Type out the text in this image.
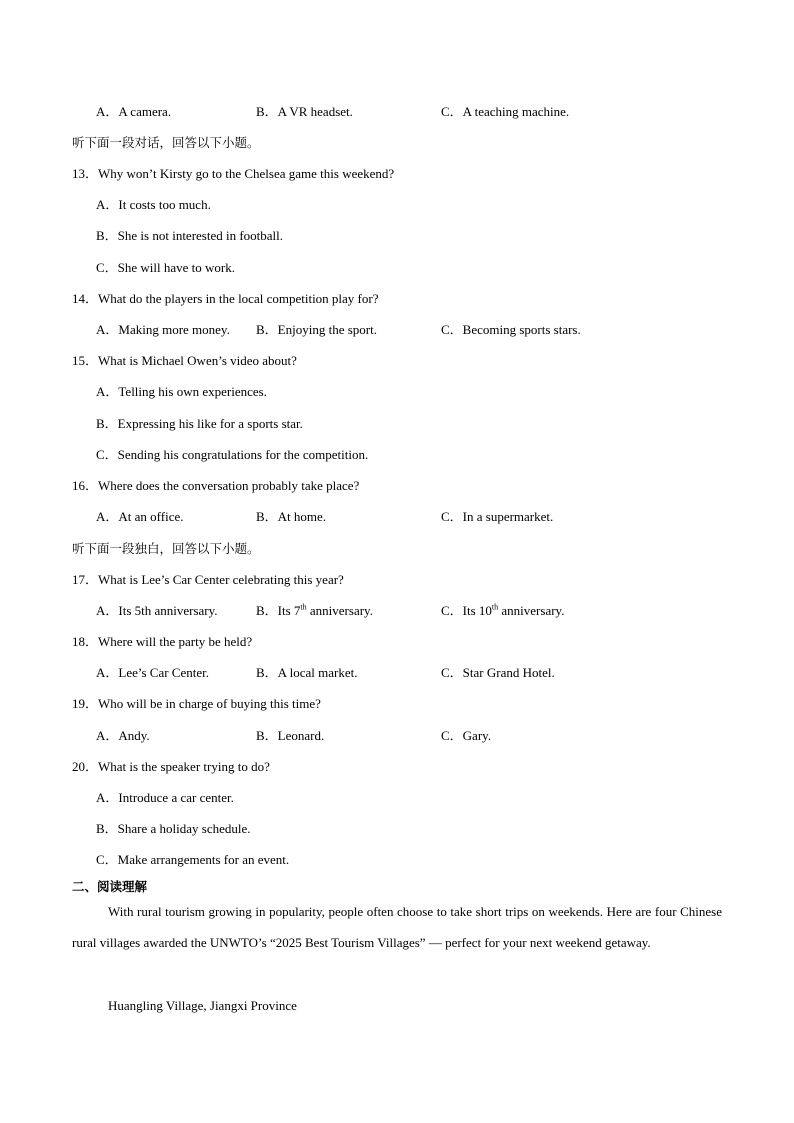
A．A camera.	B．A VR headset.	C．A teaching machine.
听下面一段对话，回答以下小题。
13．Why won’t Kirsty go to the Chelsea game this weekend?
A．It costs too much.
B．She is not interested in football.
C．She will have to work.
14．What do the players in the local competition play for?
A．Making more money. B．Enjoying the sport.	C．Becoming sports stars.
15．What is Michael Owen’s video about?
A．Telling his own experiences.
B．Expressing his like for a sports star.
C．Sending his congratulations for the competition.
16．Where does the conversation probably take place?
A．At an office.	B．At home.	C．In a supermarket.
听下面一段独白，回答以下小题。
17．What is Lee’s Car Center celebrating this year?
A．Its 5th anniversary.	B．Its 7th anniversary.	C．Its 10th anniversary.
18．Where will the party be held?
A．Lee’s Car Center.	B．A local market.	C．Star Grand Hotel.
19．Who will be in charge of buying this time?
A．Andy.	B．Leonard.	C．Gary.
20．What is the speaker trying to do?
A．Introduce a car center.
B．Share a holiday schedule.
C．Make arrangements for an event.
二、阅读理解
With rural tourism growing in popularity, people often choose to take short trips on weekends. Here are four Chinese rural villages awarded the UNWTO’s “2025 Best Tourism Villages” — perfect for your next weekend getaway.
Huangling Village, Jiangxi Province
